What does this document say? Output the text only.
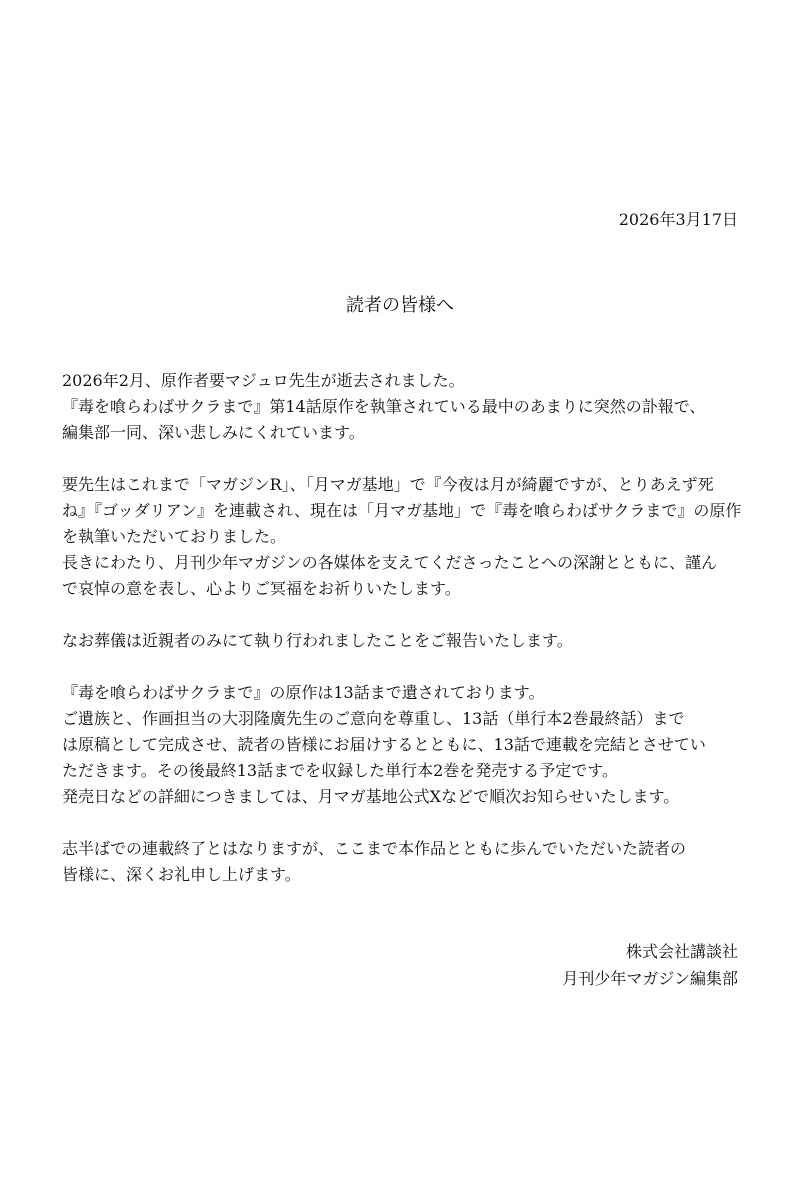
2026年3月17日
読者の皆様へ

2026年2月、原作者要マジュロ先生が逝去されました。
『毒を喰らわばサクラまで』第14話原作を執筆されている最中のあまりに突然の訃報で、
編集部一同、深い悲しみにくれています。

要先生はこれまで「マガジンR」、「月マガ基地」で『今夜は月が綺麗ですが、とりあえず死
ね』『ゴッダリアン』を連載され、現在は「月マガ基地」で『毒を喰らわばサクラまで』の原作
を執筆いただいておりました。
長きにわたり、月刊少年マガジンの各媒体を支えてくださったことへの深謝とともに、謹ん
で哀悼の意を表し、心よりご冥福をお祈りいたします。

なお葬儀は近親者のみにて執り行われましたことをご報告いたします。

『毒を喰らわばサクラまで』の原作は13話まで遺されております。
ご遺族と、作画担当の大羽隆廣先生のご意向を尊重し、13話（単行本2巻最終話）まで
は原稿として完成させ、読者の皆様にお届けするとともに、13話で連載を完結とさせてい
ただきます。その後最終13話までを収録した単行本2巻を発売する予定です。
発売日などの詳細につきましては、月マガ基地公式Xなどで順次お知らせいたします。

志半ばでの連載終了とはなりますが、ここまで本作品とともに歩んでいただいた読者の
皆様に、深くお礼申し上げます。

株式会社講談社
月刊少年マガジン編集部
